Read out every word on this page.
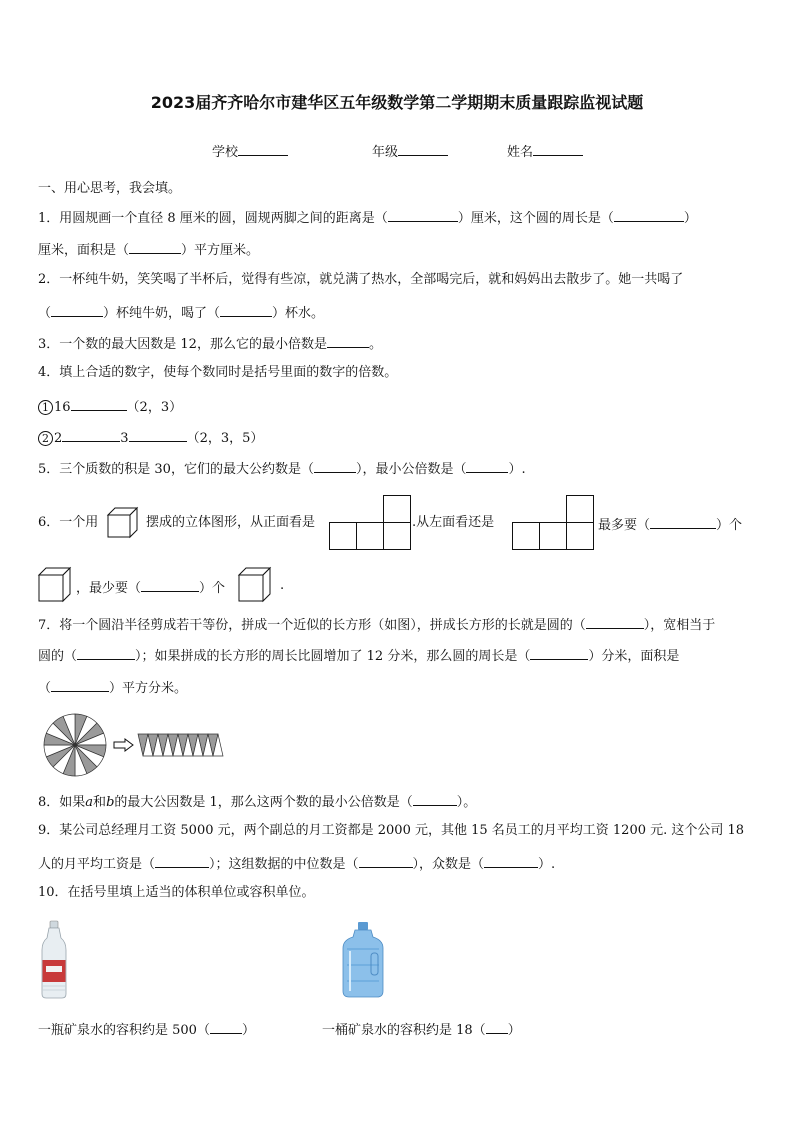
2023届齐齐哈尔市建华区五年级数学第二学期期末质量跟踪监视试题
学校	年级	姓名
一、用心思考，我会填。
1．用圆规画一个直径 8 厘米的圆，圆规两脚之间的距离是（	）厘米，这个圆的周长是（	）
厘米，面积是（	）平方厘米。
2．一杯纯牛奶，笑笑喝了半杯后，觉得有些凉，就兑满了热水，全部喝完后，就和妈妈出去散步了。她一共喝了
（	）杯纯牛奶，喝了（	）杯水。
3．一个数的最大因数是 12，那么它的最小倍数是	。
4．填上合适的数字，使每个数同时是括号里面的数字的倍数。
1 16	（2，3）
2 2	3	（2，3，5）
5．三个质数的积是 30，它们的最大公约数是（	），最小公倍数是（	）.
6．一个用	摆成的立体图形，从正面看是	.从左面看还是	最多要（	）个
，最少要（	）个	.
7．将一个圆沿半径剪成若干等份，拼成一个近似的长方形（如图），拼成长方形的长就是圆的（	），宽相当于
圆的（	）；如果拼成的长方形的周长比圆增加了 12 分米，那么圆的周长是（	）分米，面积是
（	）平方分米。
8．如果a和b的最大公因数是 1，那么这两个数的最小公倍数是（	）。
9．某公司总经理月工资 5000 元，两个副总的月工资都是 2000 元，其他 15 名员工的月平均工资 1200 元. 这个公司 18
人的月平均工资是（	）；这组数据的中位数是（	），众数是（	）.
10．在括号里填上适当的体积单位或容积单位。
一瓶矿泉水的容积约是 500（ ）	一桶矿泉水的容积约是 18（ ）
